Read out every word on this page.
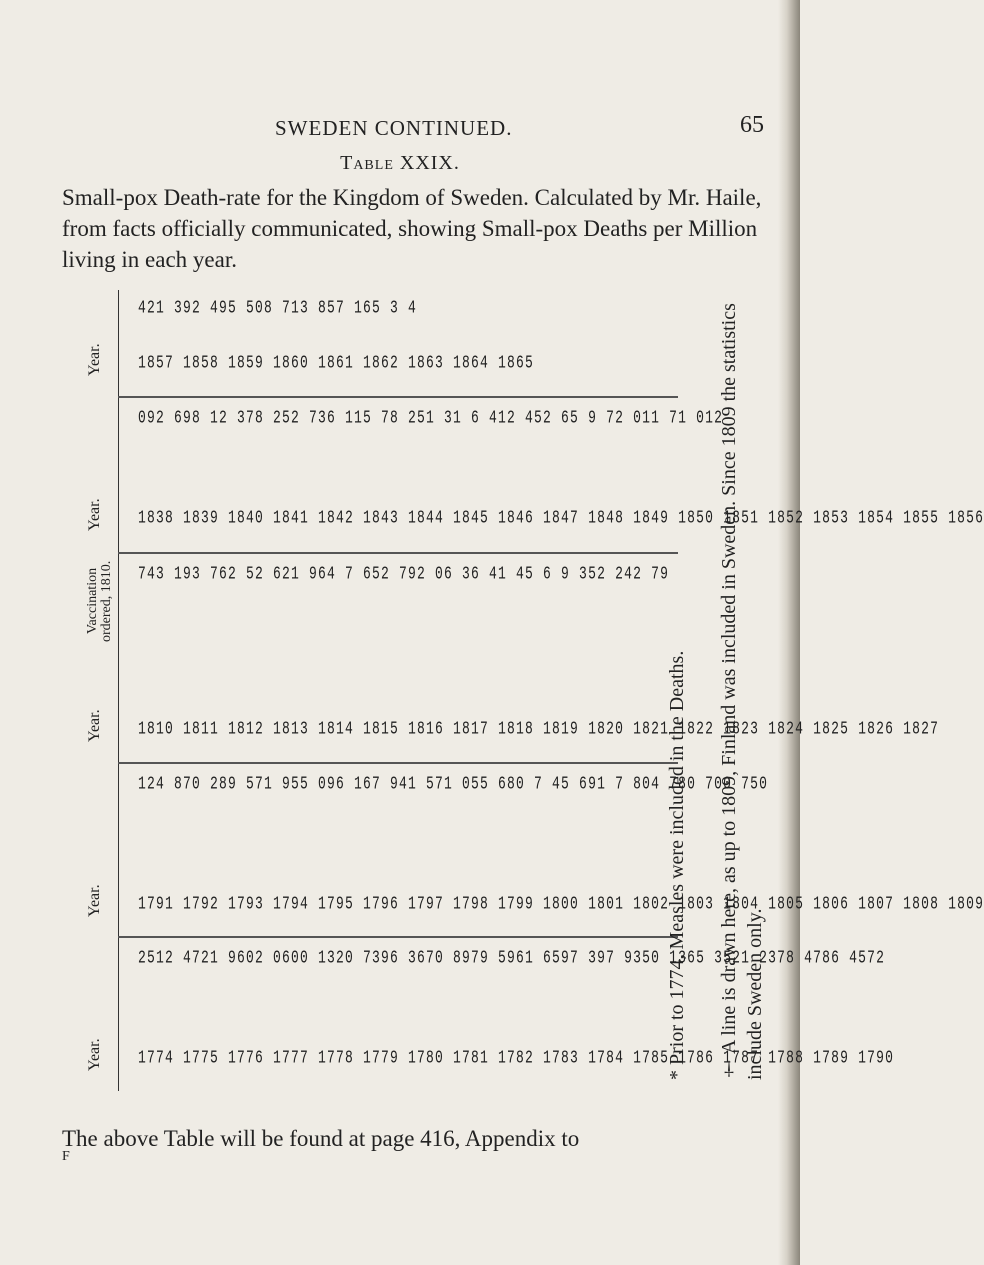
SWEDEN CONTINUED.	65
Table XXIX.
Small-pox Death-rate for the Kingdom of Sweden. Calculated by Mr. Haile, from facts officially communicated, showing Small-pox Deaths per Million living in each year.
Year.
421 392 495 508 713 857 165 3 4
1857 1858 1859 1860 1861 1862 1863 1864 1865
Year.
092 698 12 378 252 736 115 78 251 31 6 412 452 65 9 72 011 71 012
1838 1839 1840 1841 1842 1843 1844 1845 1846 1847 1848 1849 1850 1851 1852 1853 1854 1855 1856
Year.
Vaccination ordered, 1810. 743 193 762 52 621 964 7 652 792 06 36 41 45 6 9 352 242 79
1810 1811 1812 1813 1814 1815 1816 1817 1818 1819 1820 1821 1822 1823 1824 1825 1826 1827
Year.
124 870 289 571 955 096 167 941 571 055 680 7 45 691 7 804 780 700 750
1791 1792 1793 1794 1795 1796 1797 1798 1799 1800 1801 1802 1803 1804 1805 1806 1807 1808 1809
Year.
2512 4721 9602 0600 1320 7396 3670 8979 5961 6597 397 9350 1365 3521 2378 4786 4572
1774 1775 1776 1777 1778 1779 1780 1781 1782 1783 1784 1785 1786 1787 1788 1789 1790
* Prior to 1774, Measles were included in the Deaths. † A line is drawn here, as up to 1809, Finland was included in Sweden. Since 1809 the statistics include Sweden only.
The above Table will be found at page 416, Appendix to
F
